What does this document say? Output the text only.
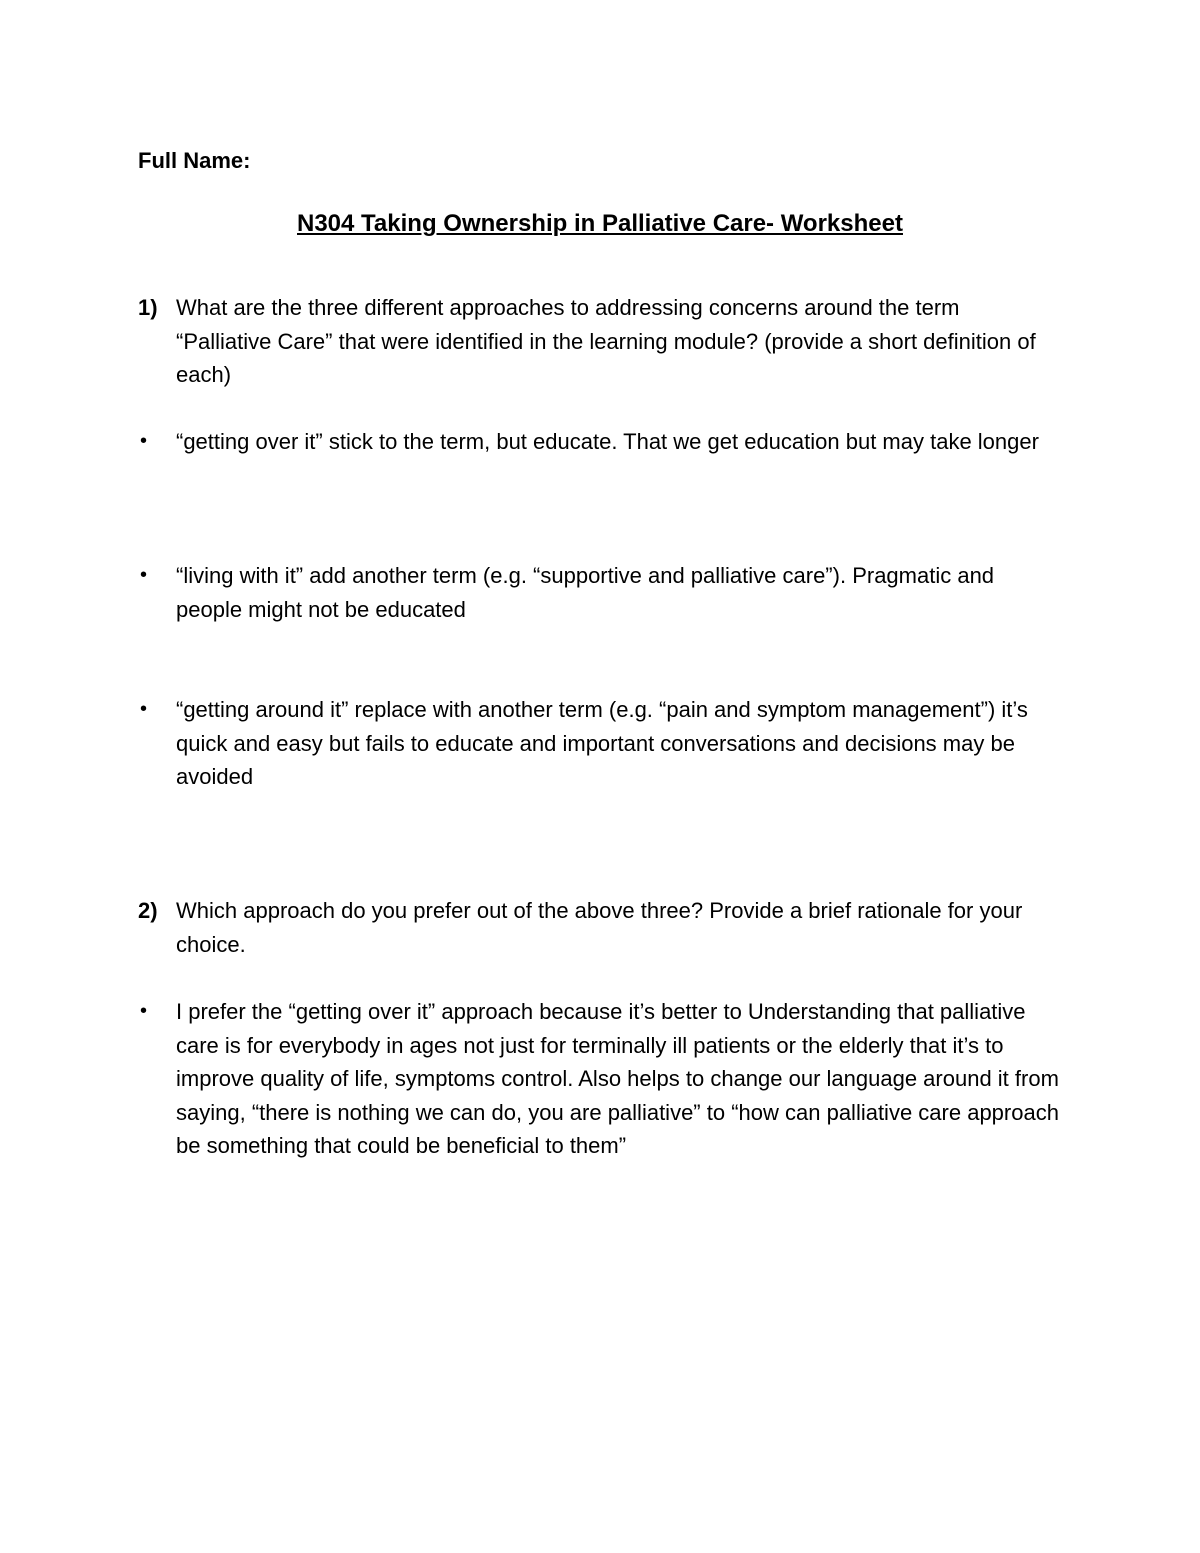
Full Name:
N304 Taking Ownership in Palliative Care- Worksheet
1) What are the three different approaches to addressing concerns around the term “Palliative Care” that were identified in the learning module? (provide a short definition of each)
• “getting over it” stick to the term, but educate. That we get education but may take longer
• “living with it” add another term (e.g. “supportive and palliative care”). Pragmatic and people might not be educated
• “getting around it” replace with another term (e.g. “pain and symptom management”) it’s quick and easy but fails to educate and important conversations and decisions may be avoided
2) Which approach do you prefer out of the above three? Provide a brief rationale for your choice.
• I prefer the “getting over it” approach because it’s better to Understanding that palliative care is for everybody in ages not just for terminally ill patients or the elderly that it’s to improve quality of life, symptoms control. Also helps to change our language around it from saying, “there is nothing we can do, you are palliative” to “how can palliative care approach be something that could be beneficial to them”
